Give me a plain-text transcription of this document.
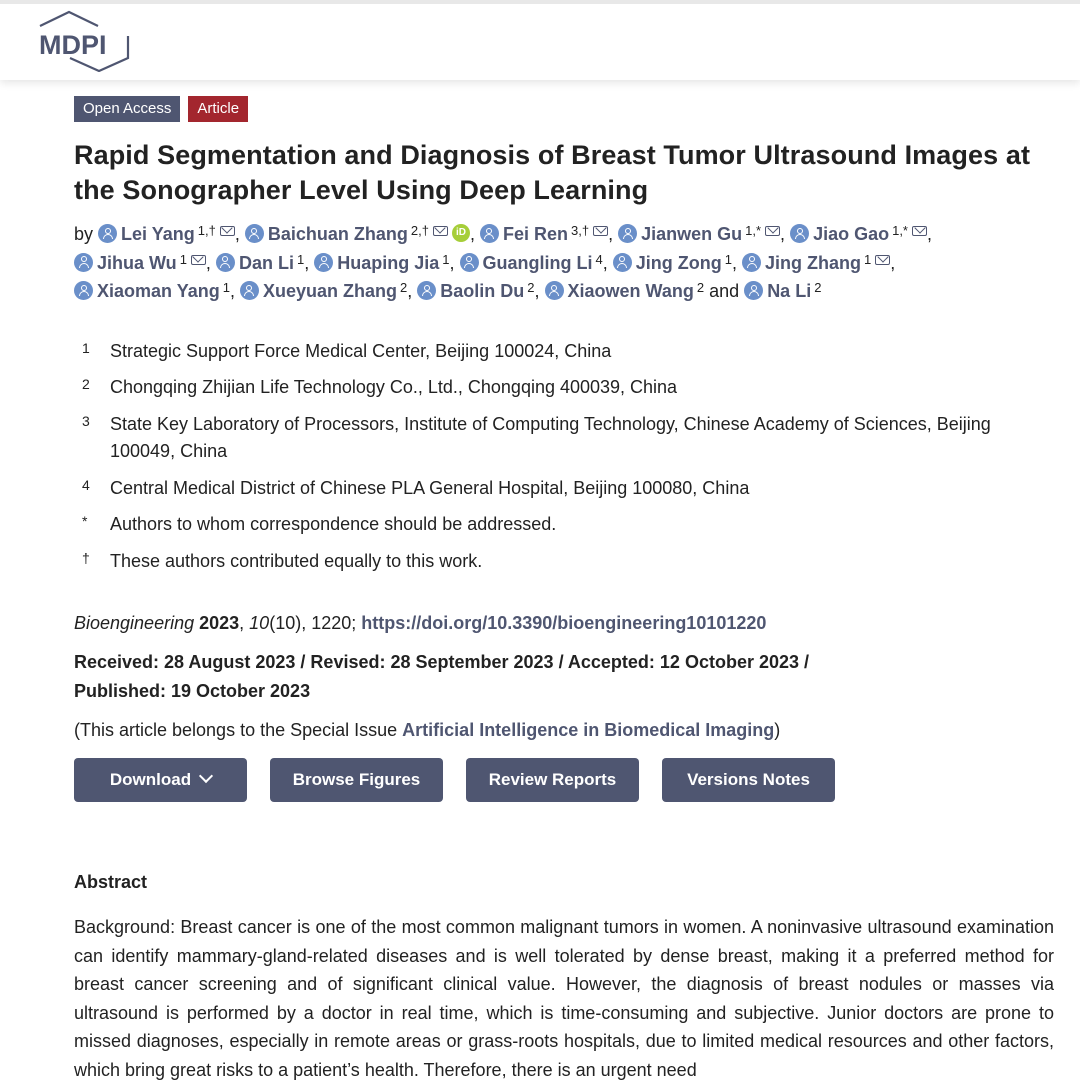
MDPI
Open Access	Article
Rapid Segmentation and Diagnosis of Breast Tumor Ultrasound Images at the Sonographer Level Using Deep Learning
by Lei Yang $^{1,\dagger}$ , Baichuan Zhang $^{2,\dagger}$	iD , Fei Ren $^{3,\dagger}$ , Jianwen Gu $^{1,*}$ , Jiao Gao $^{1,*}$ , Jihua Wu $^1$ , Dan Li $^1$, Huaping Jia $^1$, Guangling Li $^4$, Jing Zong $^1$, Jing Zhang $^1$ , Xiaoman Yang $^1$, Xueyuan Zhang $^2$, Baolin Du $^2$, Xiaowen Wang $^2$ and Na Li $^2$
1	Strategic Support Force Medical Center, Beijing 100024, China
2	Chongqing Zhijian Life Technology Co., Ltd., Chongqing 400039, China
3	State Key Laboratory of Processors, Institute of Computing Technology, Chinese Academy of Sciences, Beijing 100049, China
4	Central Medical District of Chinese PLA General Hospital, Beijing 100080, China
*	Authors to whom correspondence should be addressed.
†	These authors contributed equally to this work.
Bioengineering 2023, 10(10), 1220; https://doi.org/10.3390/bioengineering10101220
Received: 28 August 2023 / Revised: 28 September 2023 / Accepted: 12 October 2023 / Published: 19 October 2023
(This article belongs to the Special Issue Artificial Intelligence in Biomedical Imaging)
Download	Browse Figures	Review Reports	Versions Notes
Abstract
Background: Breast cancer is one of the most common malignant tumors in women. A noninvasive ultrasound examination can identify mammary-gland-related diseases and is well tolerated by dense breast, making it a preferred method for breast cancer screening and of significant clinical value. However, the diagnosis of breast nodules or masses via ultrasound is performed by a doctor in real time, which is time-consuming and subjective. Junior doctors are prone to missed diagnoses, especially in remote areas or grass-roots hospitals, due to limited medical resources and other factors, which bring great risks to a patient’s health. Therefore, there is an urgent need
